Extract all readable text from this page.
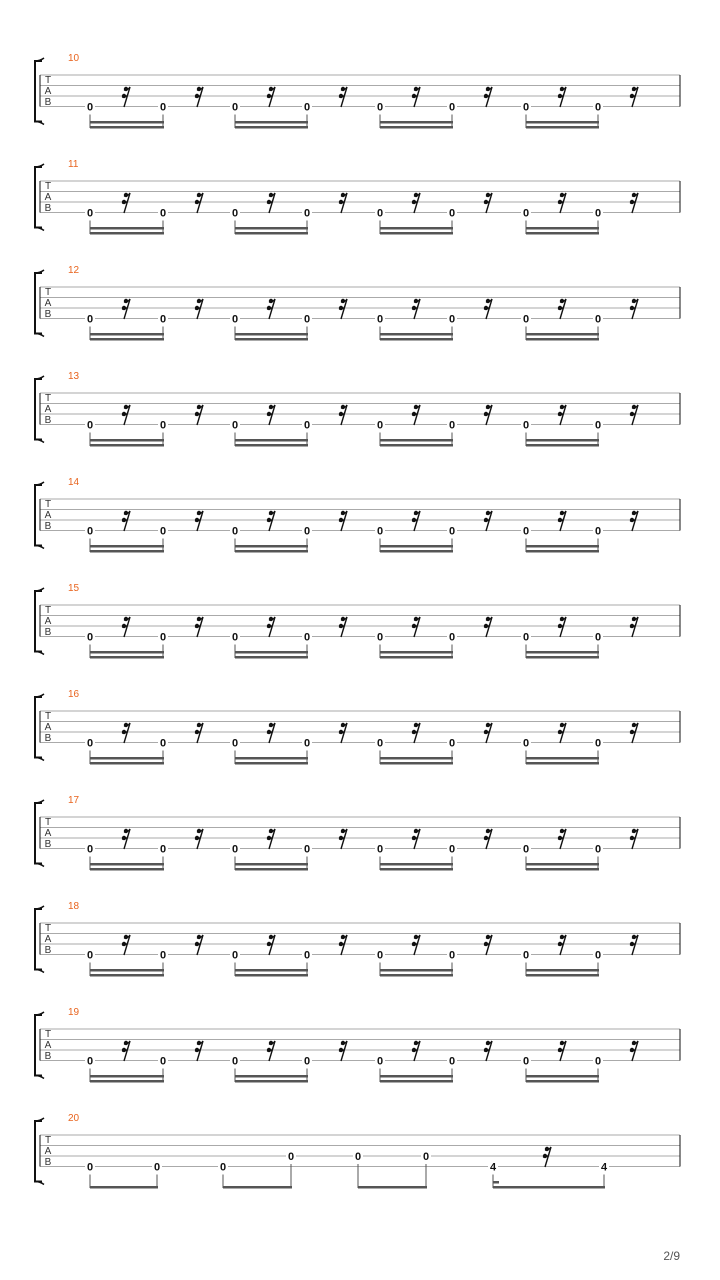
T
A
B
10
0	0	0	0	0	0	0	0
T
A
B
11
0	0	0	0	0	0	0	0
T
A
B
12
0	0	0	0	0	0	0	0
T
A
B
13
0	0	0	0	0	0	0	0
T
A
B
14
0	0	0	0	0	0	0	0
T
A
B
15
0	0	0	0	0	0	0	0
T
A
B
16
0	0	0	0	0	0	0	0
T
A
B
17
0	0	0	0	0	0	0	0
T
A
B
18
0	0	0	0	0	0	0	0
T
A
B
19
0	0	0	0	0	0	0	0
T
A
B
20
0	0	0
0	0	0
4	4
2/9
